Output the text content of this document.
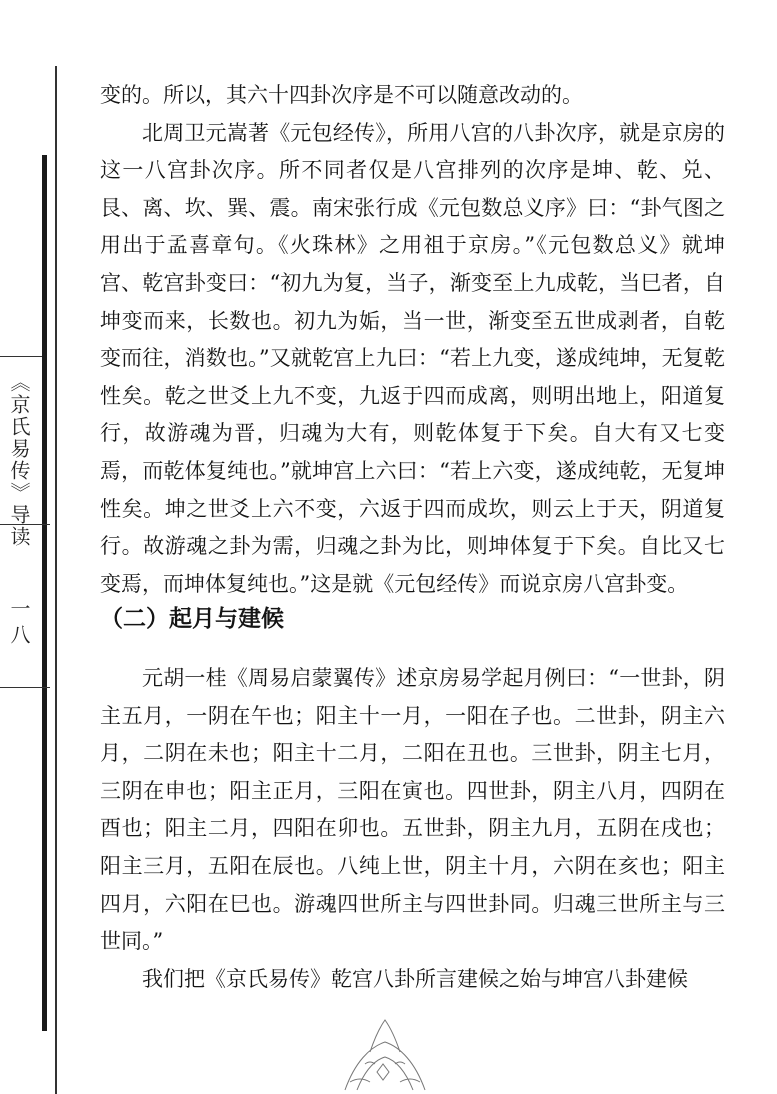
《京氏易传》导读
一八

变的。所以，其六十四卦次序是不可以随意改动的。

北周卫元嵩著《元包经传》，所用八宫的八卦次序，就是京房的这一八宫卦次序。所不同者仅是八宫排列的次序是坤、乾、兑、艮、离、坎、巽、震。南宋张行成《元包数总义序》曰：“卦气图之用出于孟喜章句。《火珠林》之用祖于京房。”《元包数总义》就坤宫、乾宫卦变曰：“初九为复，当子，渐变至上九成乾，当巳者，自坤变而来，长数也。初九为姤，当一世，渐变至五世成剥者，自乾变而往，消数也。”又就乾宫上九曰：“若上九变，遂成纯坤，无复乾性矣。乾之世爻上九不变，九返于四而成离，则明出地上，阳道复行，故游魂为晋，归魂为大有，则乾体复于下矣。自大有又七变焉，而乾体复纯也。”就坤宫上六曰：“若上六变，遂成纯乾，无复坤性矣。坤之世爻上六不变，六返于四而成坎，则云上于天，阴道复行。故游魂之卦为需，归魂之卦为比，则坤体复于下矣。自比又七变焉，而坤体复纯也。”这是就《元包经传》而说京房八宫卦变。

（二）起月与建候

元胡一桂《周易启蒙翼传》述京房易学起月例曰：“一世卦，阴主五月，一阴在午也；阳主十一月，一阳在子也。二世卦，阴主六月，二阴在未也；阳主十二月，二阳在丑也。三世卦，阴主七月，三阴在申也；阳主正月，三阳在寅也。四世卦，阴主八月，四阴在酉也；阳主二月，四阳在卯也。五世卦，阴主九月，五阴在戌也；阳主三月，五阳在辰也。八纯上世，阴主十月，六阴在亥也；阳主四月，六阳在巳也。游魂四世所主与四世卦同。归魂三世所主与三世同。”

我们把《京氏易传》乾宫八卦所言建候之始与坤宫八卦建候
